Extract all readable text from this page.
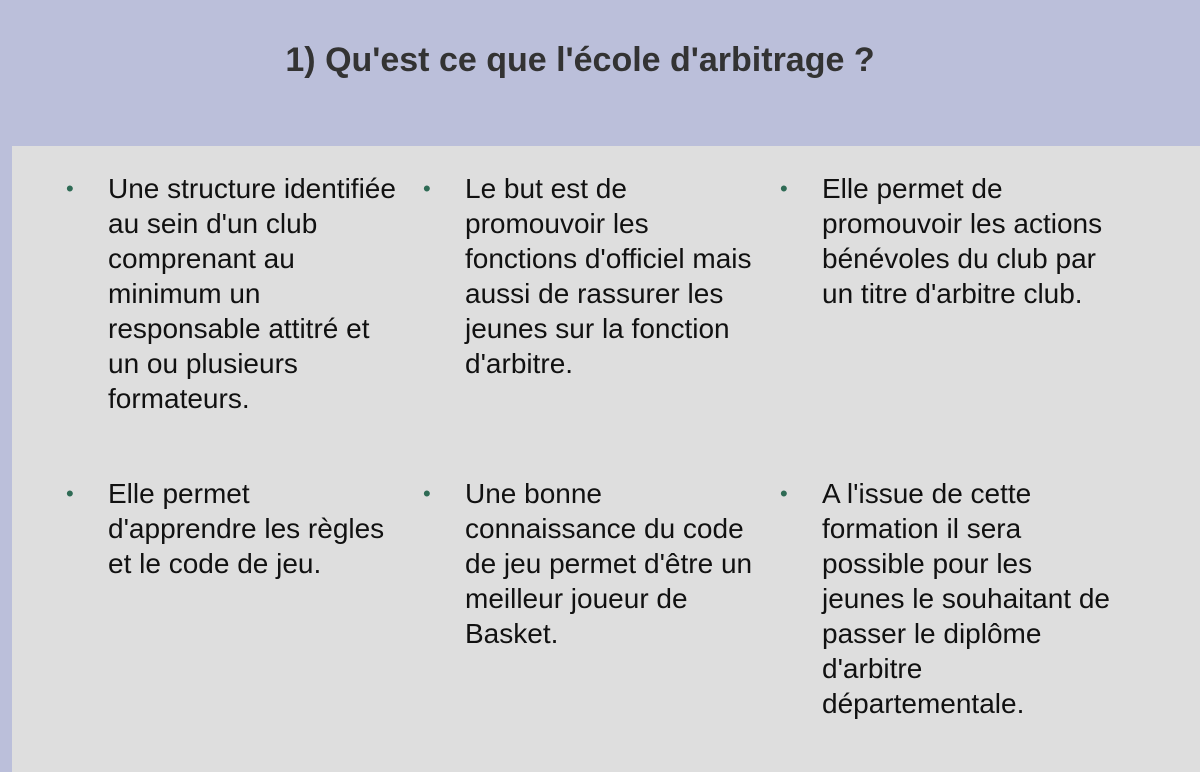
1) Qu'est ce que l'école d'arbitrage ?
• Une structure identifiée au sein d'un club comprenant au minimum un responsable attitré et un ou plusieurs formateurs.

• Le but est de promouvoir les fonctions d'officiel mais aussi de rassurer les jeunes sur la fonction d'arbitre.

• Elle permet de promouvoir les actions bénévoles du club par un titre d'arbitre club.

• Elle permet d'apprendre les règles et le code de jeu.

• Une bonne connaissance du code de jeu permet d'être un meilleur joueur de Basket.

• A l'issue de cette formation il sera possible pour les jeunes le souhaitant de passer le diplôme d'arbitre départementale.
